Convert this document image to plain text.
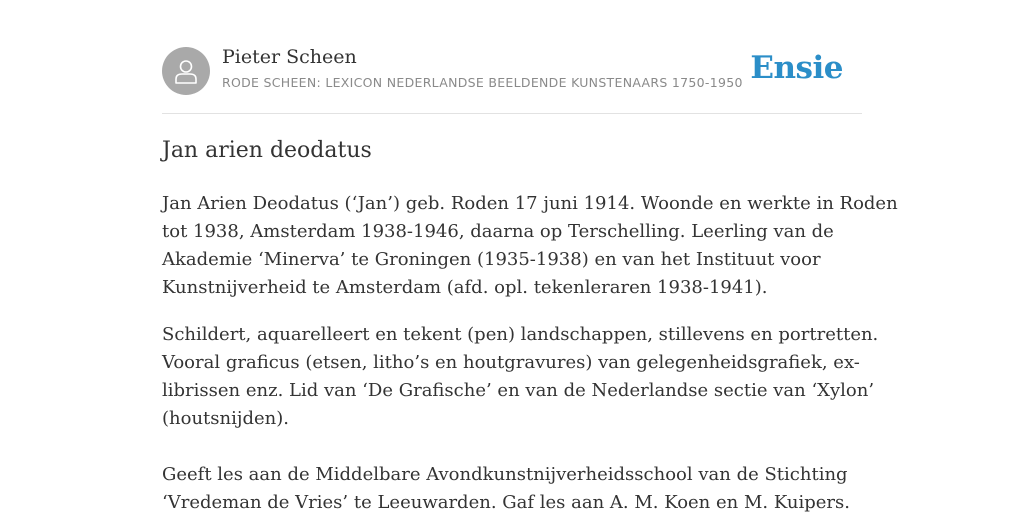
Pieter Scheen
RODE SCHEEN: LEXICON NEDERLANDSE BEELDENDE KUNSTENAARS 1750-1950 Ensie
Jan arien deodatus

Jan Arien Deodatus (‘Jan’) geb. Roden 17 juni 1914. Woonde en werkte in Roden
tot 1938, Amsterdam 1938-1946, daarna op Terschelling. Leerling van de
Akademie ‘Minerva’ te Groningen (1935-1938) en van het Instituut voor
Kunstnijverheid te Amsterdam (afd. opl. tekenleraren 1938-1941).

Schildert, aquarelleert en tekent (pen) landschappen, stillevens en portretten.
Vooral graficus (etsen, litho’s en houtgravures) van gelegenheidsgrafiek, ex-
librissen enz. Lid van ‘De Grafische’ en van de Nederlandse sectie van ‘Xylon’
(houtsnijden).

Geeft les aan de Middelbare Avondkunstnijverheidsschool van de Stichting
‘Vredeman de Vries’ te Leeuwarden. Gaf les aan A. M. Koen en M. Kuipers.
